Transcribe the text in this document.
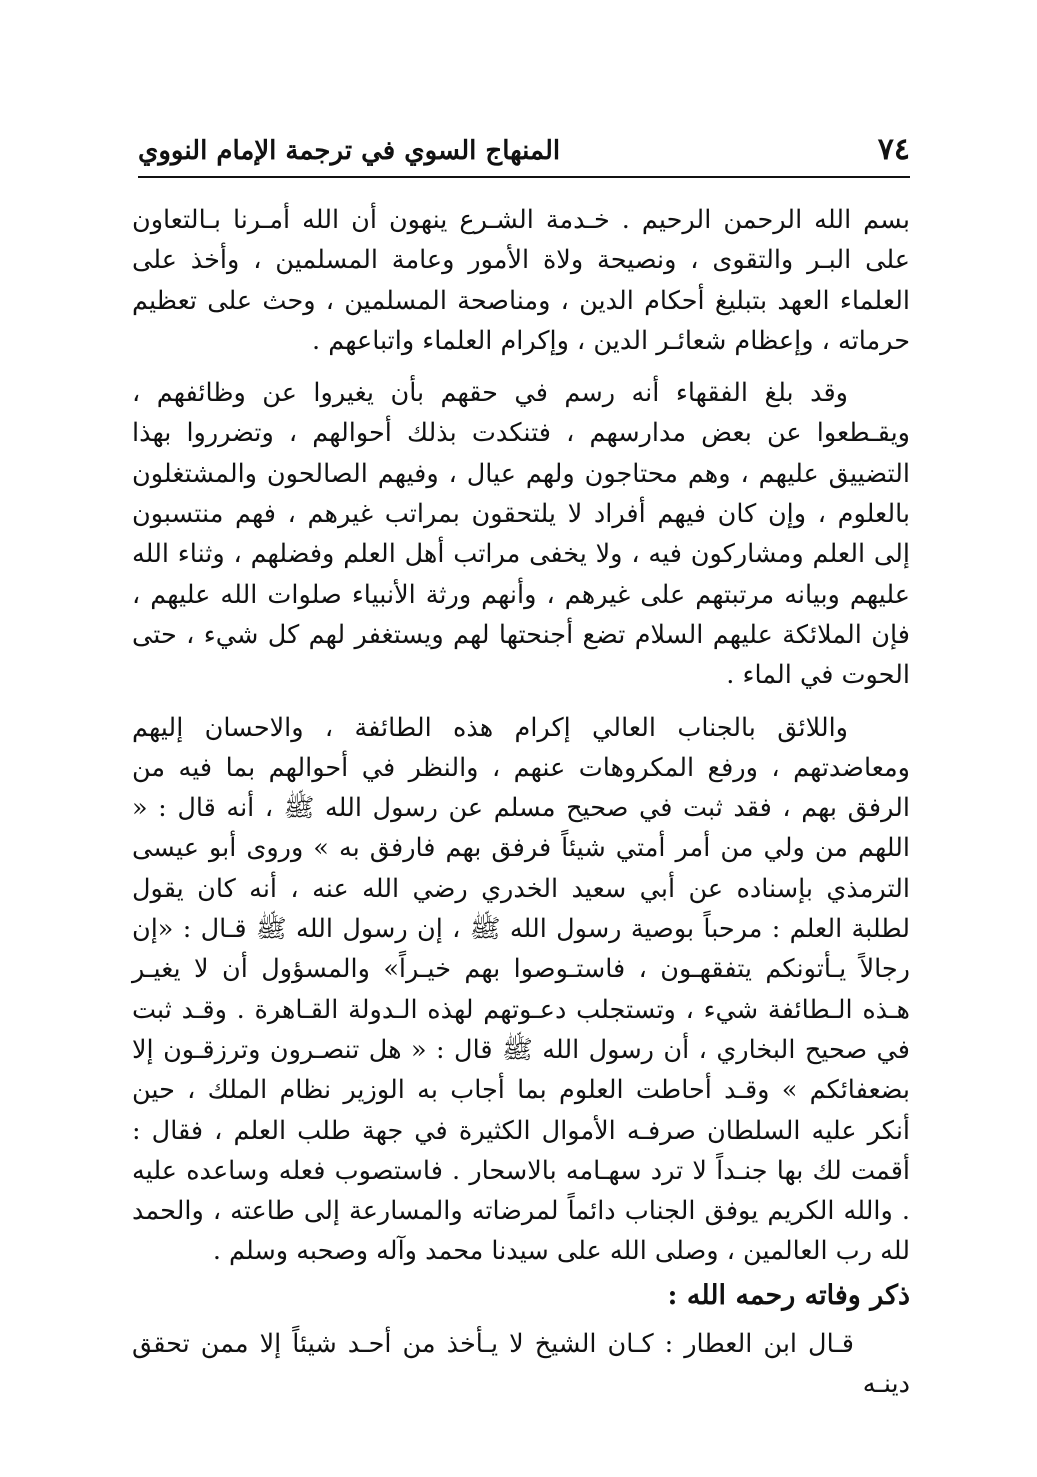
٧٤
المنهاج السوي في ترجمة الإمام النووي

بسم الله الرحمن الرحيم . خـدمة الشـرع ينهون أن الله أمـرنا بـالتعاون على البـر والتقوى ، ونصيحة ولاة الأمور وعامة المسلمين ، وأخذ على العلماء العهد بتبليغ أحكام الدين ، ومناصحة المسلمين ، وحث على تعظيم حرماته ، وإعظام شعائـر الدين ، وإكرام العلماء واتباعهم .

وقد بلغ الفقهاء أنه رسم في حقهم بأن يغيروا عن وظائفهم ، ويقـطعوا عن بعض مدارسهم ، فتنكدت بذلك أحوالهم ، وتضرروا بهذا التضييق عليهم ، وهم محتاجون ولهم عيال ، وفيهم الصالحون والمشتغلون بالعلوم ، وإن كان فيهم أفراد لا يلتحقون بمراتب غيرهم ، فهم منتسبون إلى العلم ومشاركون فيه ، ولا يخفى مراتب أهل العلم وفضلهم ، وثناء الله عليهم وبيانه مرتبتهم على غيرهم ، وأنهم ورثة الأنبياء صلوات الله عليهم ، فإن الملائكة عليهم السلام تضع أجنحتها لهم ويستغفر لهم كل شيء ، حتى الحوت في الماء .

واللائق بالجناب العالي إكرام هذه الطائفة ، والاحسان إليهم ومعاضدتهم ، ورفع المكروهات عنهم ، والنظر في أحوالهم بما فيه من الرفق بهم ، فقد ثبت في صحيح مسلم عن رسول الله ﷺ ، أنه قال : « اللهم من ولي من أمر أمتي شيئاً فرفق بهم فارفق به » وروى أبو عيسى الترمذي بإسناده عن أبي سعيد الخدري رضي الله عنه ، أنه كان يقول لطلبة العلم : مرحباً بوصية رسول الله ﷺ ، إن رسول الله ﷺ قـال : «إن رجالاً يـأتونكم يتفقهـون ، فاستـوصوا بهم خيـراً» والمسؤول أن لا يغيـر هـذه الـطائفة شيء ، وتستجلب دعـوتهم لهذه الـدولة القـاهرة . وقـد ثبت في صحيح البخاري ، أن رسول الله ﷺ قال : « هل تنصـرون وترزقـون إلا بضعفائكم » وقـد أحاطت العلوم بما أجاب به الوزير نظام الملك ، حين أنكر عليه السلطان صرفـه الأموال الكثيرة في جهة طلب العلم ، فقال : أقمت لك بها جنـداً لا ترد سهـامه بالاسحار . فاستصوب فعله وساعده عليه . والله الكريم يوفق الجناب دائماً لمرضاته والمسارعة إلى طاعته ، والحمد لله رب العالمين ، وصلى الله على سيدنا محمد وآله وصحبه وسلم .

ذكر وفاته رحمه الله :

قـال ابن العطار : كـان الشيخ لا يـأخذ من أحـد شيئاً إلا ممن تحقق دينـه
